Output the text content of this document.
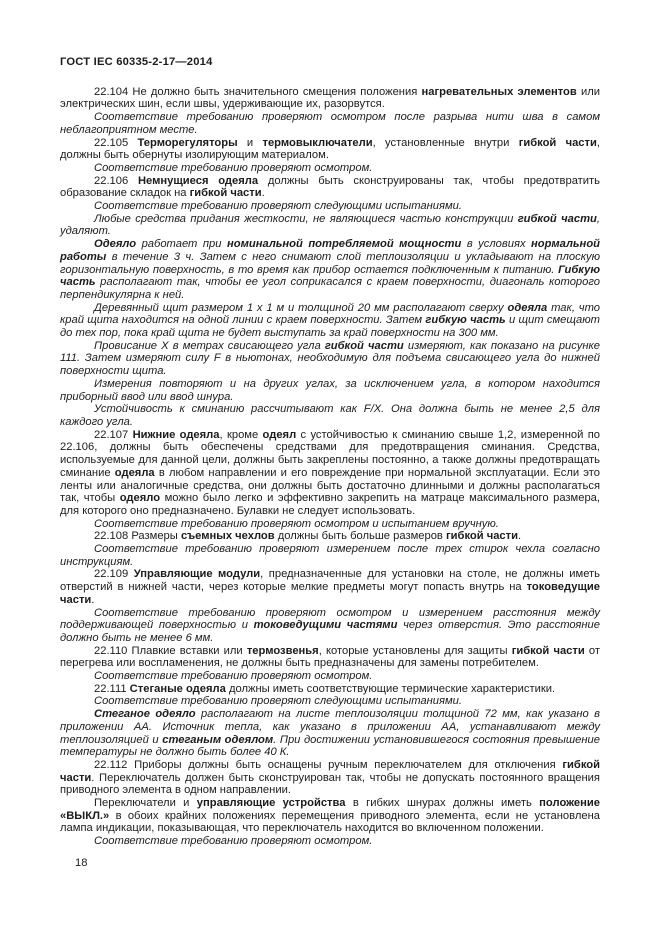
ГОСТ IEC 60335-2-17—2014

22.104 Не должно быть значительного смещения положения нагревательных элементов или электрических шин, если швы, удерживающие их, разорвутся.

Соответствие требованию проверяют осмотром после разрыва нити шва в самом неблагоприятном месте.

22.105 Терморегуляторы и термовыключатели, установленные внутри гибкой части, должны быть обернуты изолирующим материалом.

Соответствие требованию проверяют осмотром.

22.106 Немнущиеся одеяла должны быть сконструированы так, чтобы предотвратить образование складок на гибкой части.

Соответствие требованию проверяют следующими испытаниями.

Любые средства придания жесткости, не являющиеся частью конструкции гибкой части, удаляют.

Одеяло работает при номинальной потребляемой мощности в условиях нормальной работы в течение 3 ч. Затем с него снимают слой теплоизоляции и укладывают на плоскую горизонтальную поверхность, в то время как прибор остается подключенным к питанию. Гибкую часть располагают так, чтобы ее угол соприкасался с краем поверхности, диагональ которого перпендикулярна к ней.

Деревянный щит размером 1 х 1 м и толщиной 20 мм располагают сверху одеяла так, что край щита находится на одной линии с краем поверхности. Затем гибкую часть и щит смещают до тех пор, пока край щита не будет выступать за край поверхности на 300 мм.

Провисание X в метрах свисающего угла гибкой части измеряют, как показано на рисунке 111. Затем измеряют силу F в ньютонах, необходимую для подъема свисающего угла до нижней поверхности щита.

Измерения повторяют и на других углах, за исключением угла, в котором находится приборный ввод или ввод шнура.

Устойчивость к сминанию рассчитывают как F/X. Она должна быть не менее 2,5 для каждого угла.

22.107 Нижние одеяла, кроме одеял с устойчивостью к сминанию свыше 1,2, измеренной по 22.106, должны быть обеспечены средствами для предотвращения сминания. Средства, используемые для данной цели, должны быть закреплены постоянно, а также должны предотвращать сминание одеяла в любом направлении и его повреждение при нормальной эксплуатации. Если это ленты или аналогичные средства, они должны быть достаточно длинными и должны располагаться так, чтобы одеяло можно было легко и эффективно закрепить на матраце максимального размера, для которого оно предназначено. Булавки не следует использовать.

Соответствие требованию проверяют осмотром и испытанием вручную.

22.108 Размеры съемных чехлов должны быть больше размеров гибкой части.

Соответствие требованию проверяют измерением после трех стирок чехла согласно инструкциям.

22.109 Управляющие модули, предназначенные для установки на столе, не должны иметь отверстий в нижней части, через которые мелкие предметы могут попасть внутрь на токоведущие части.

Соответствие требованию проверяют осмотром и измерением расстояния между поддерживающей поверхностью и токоведущими частями через отверстия. Это расстояние должно быть не менее 6 мм.

22.110 Плавкие вставки или термозвенья, которые установлены для защиты гибкой части от перегрева или воспламенения, не должны быть предназначены для замены потребителем.

Соответствие требованию проверяют осмотром.

22.111 Стеганые одеяла должны иметь соответствующие термические характеристики.

Соответствие требованию проверяют следующими испытаниями.

Стеганое одеяло располагают на листе теплоизоляции толщиной 72 мм, как указано в приложении АА. Источник тепла, как указано в приложении АА, устанавливают между теплоизоляцией и стеганым одеялом. При достижении установившегося состояния превышение температуры не должно быть более 40 К.

22.112 Приборы должны быть оснащены ручным переключателем для отключения гибкой части. Переключатель должен быть сконструирован так, чтобы не допускать постоянного вращения приводного элемента в одном направлении.

Переключатели и управляющие устройства в гибких шнурах должны иметь положение «ВЫКЛ.» в обоих крайних положениях перемещения приводного элемента, если не установлена лампа индикации, показывающая, что переключатель находится во включенном положении.

Соответствие требованию проверяют осмотром.

18
